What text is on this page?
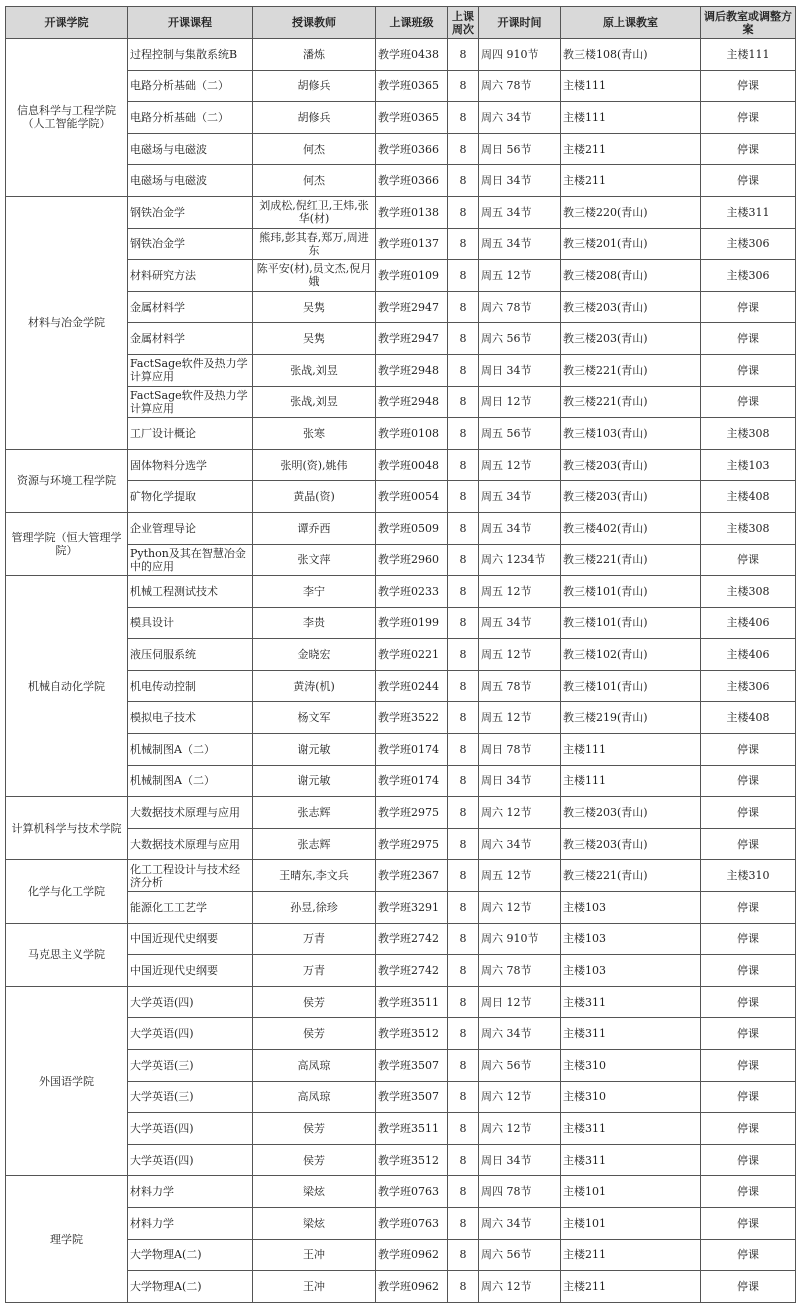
开课学院	开课课程	授课教师	上课班级	上课周次	开课时间	原上课教室	调后教室或调整方案
信息科学与工程学院（人工智能学院）	过程控制与集散系统B	潘炼	教学班0438	8	周四 910节	教三楼108(青山)	主楼111
	电路分析基础（二）	胡修兵	教学班0365	8	周六 78节	主楼111	停课
	电路分析基础（二）	胡修兵	教学班0365	8	周六 34节	主楼111	停课
	电磁场与电磁波	何杰	教学班0366	8	周日 56节	主楼211	停课
	电磁场与电磁波	何杰	教学班0366	8	周日 34节	主楼211	停课
材料与冶金学院	钢铁冶金学	刘成松,倪红卫,王炜,张华(材)	教学班0138	8	周五 34节	教三楼220(青山)	主楼311
	钢铁冶金学	熊玮,彭其春,郑万,周进东	教学班0137	8	周五 34节	教三楼201(青山)	主楼306
	材料研究方法	陈平安(材),员文杰,倪月娥	教学班0109	8	周五 12节	教三楼208(青山)	主楼306
	金属材料学	吴隽	教学班2947	8	周六 78节	教三楼203(青山)	停课
	金属材料学	吴隽	教学班2947	8	周六 56节	教三楼203(青山)	停课
	FactSage软件及热力学计算应用	张战,刘昱	教学班2948	8	周日 34节	教三楼221(青山)	停课
	FactSage软件及热力学计算应用	张战,刘昱	教学班2948	8	周日 12节	教三楼221(青山)	停课
	工厂设计概论	张寒	教学班0108	8	周五 56节	教三楼103(青山)	主楼308
资源与环境工程学院	固体物料分选学	张明(资),姚伟	教学班0048	8	周五 12节	教三楼203(青山)	主楼103
	矿物化学提取	黄晶(资)	教学班0054	8	周五 34节	教三楼203(青山)	主楼408
管理学院（恒大管理学院）	企业管理导论	谭乔西	教学班0509	8	周五 34节	教三楼402(青山)	主楼308
	Python及其在智慧冶金中的应用	张文萍	教学班2960	8	周六 1234节	教三楼221(青山)	停课
机械自动化学院	机械工程测试技术	李宁	教学班0233	8	周五 12节	教三楼101(青山)	主楼308
	模具设计	李贵	教学班0199	8	周五 34节	教三楼101(青山)	主楼406
	液压伺服系统	金晓宏	教学班0221	8	周五 12节	教三楼102(青山)	主楼406
	机电传动控制	黄涛(机)	教学班0244	8	周五 78节	教三楼101(青山)	主楼306
	模拟电子技术	杨文军	教学班3522	8	周五 12节	教三楼219(青山)	主楼408
	机械制图A（二）	谢元敏	教学班0174	8	周日 78节	主楼111	停课
	机械制图A（二）	谢元敏	教学班0174	8	周日 34节	主楼111	停课
计算机科学与技术学院	大数据技术原理与应用	张志辉	教学班2975	8	周六 12节	教三楼203(青山)	停课
	大数据技术原理与应用	张志辉	教学班2975	8	周六 34节	教三楼203(青山)	停课
化学与化工学院	化工工程设计与技术经济分析	王晴东,李文兵	教学班2367	8	周五 12节	教三楼221(青山)	主楼310
	能源化工工艺学	孙昱,徐珍	教学班3291	8	周六 12节	主楼103	停课
马克思主义学院	中国近现代史纲要	万青	教学班2742	8	周六 910节	主楼103	停课
	中国近现代史纲要	万青	教学班2742	8	周六 78节	主楼103	停课
外国语学院	大学英语(四)	侯芳	教学班3511	8	周日 12节	主楼311	停课
	大学英语(四)	侯芳	教学班3512	8	周六 34节	主楼311	停课
	大学英语(三)	高凤琼	教学班3507	8	周六 56节	主楼310	停课
	大学英语(三)	高凤琼	教学班3507	8	周六 12节	主楼310	停课
	大学英语(四)	侯芳	教学班3511	8	周六 12节	主楼311	停课
	大学英语(四)	侯芳	教学班3512	8	周日 34节	主楼311	停课
理学院	材料力学	梁炫	教学班0763	8	周四 78节	主楼101	停课
	材料力学	梁炫	教学班0763	8	周六 34节	主楼101	停课
	大学物理A(二)	王冲	教学班0962	8	周六 56节	主楼211	停课
	大学物理A(二)	王冲	教学班0962	8	周六 12节	主楼211	停课
